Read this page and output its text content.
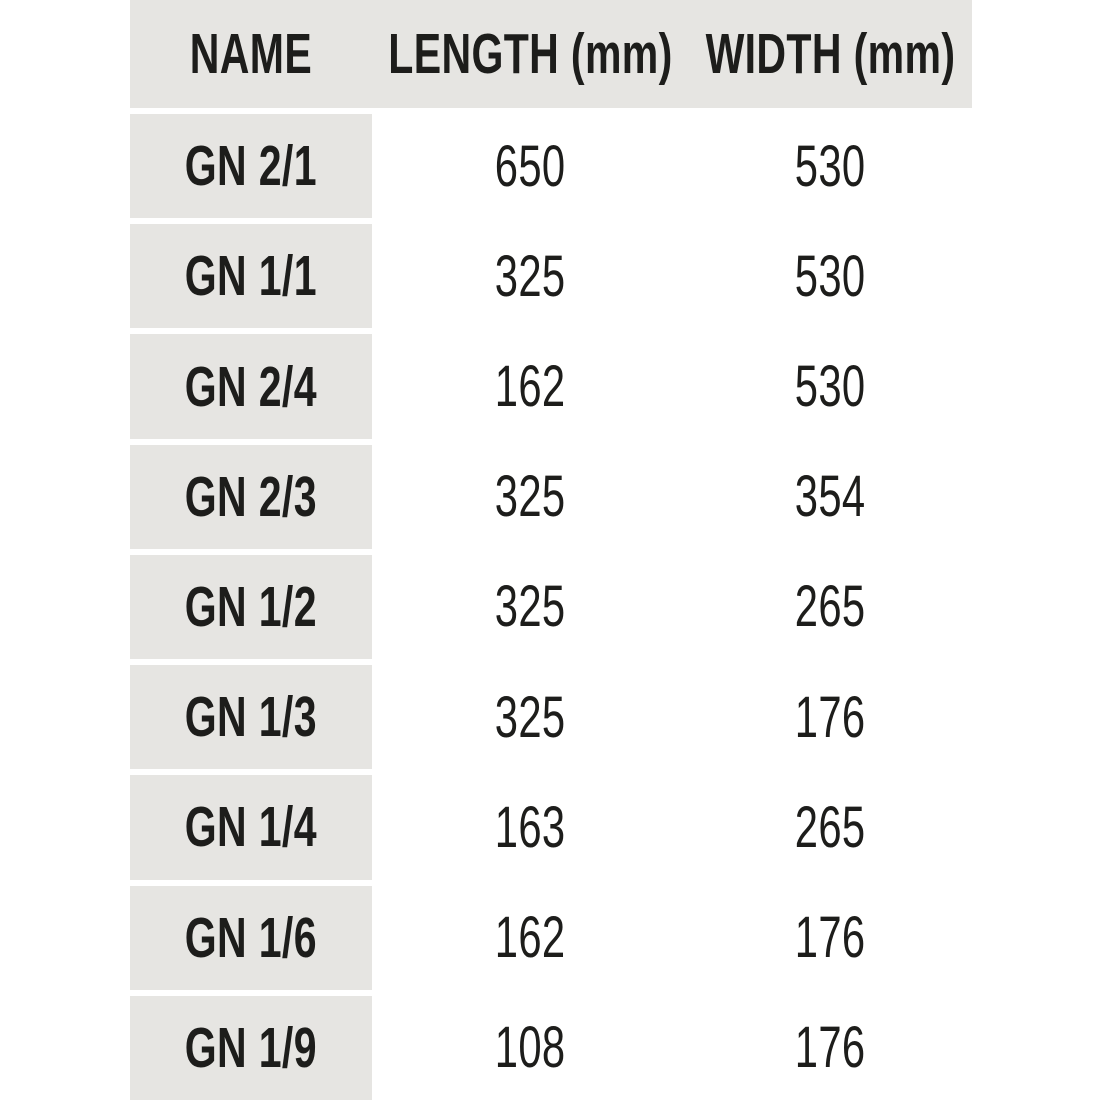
NAME LENGTH (mm) WIDTH (mm)
GN 2/1	650	530
GN 1/1	325	530
GN 2/4	162	530
GN 2/3	325	354
GN 1/2	325	265
GN 1/3	325	176
GN 1/4	163	265
GN 1/6	162	176
GN 1/9	108	176
